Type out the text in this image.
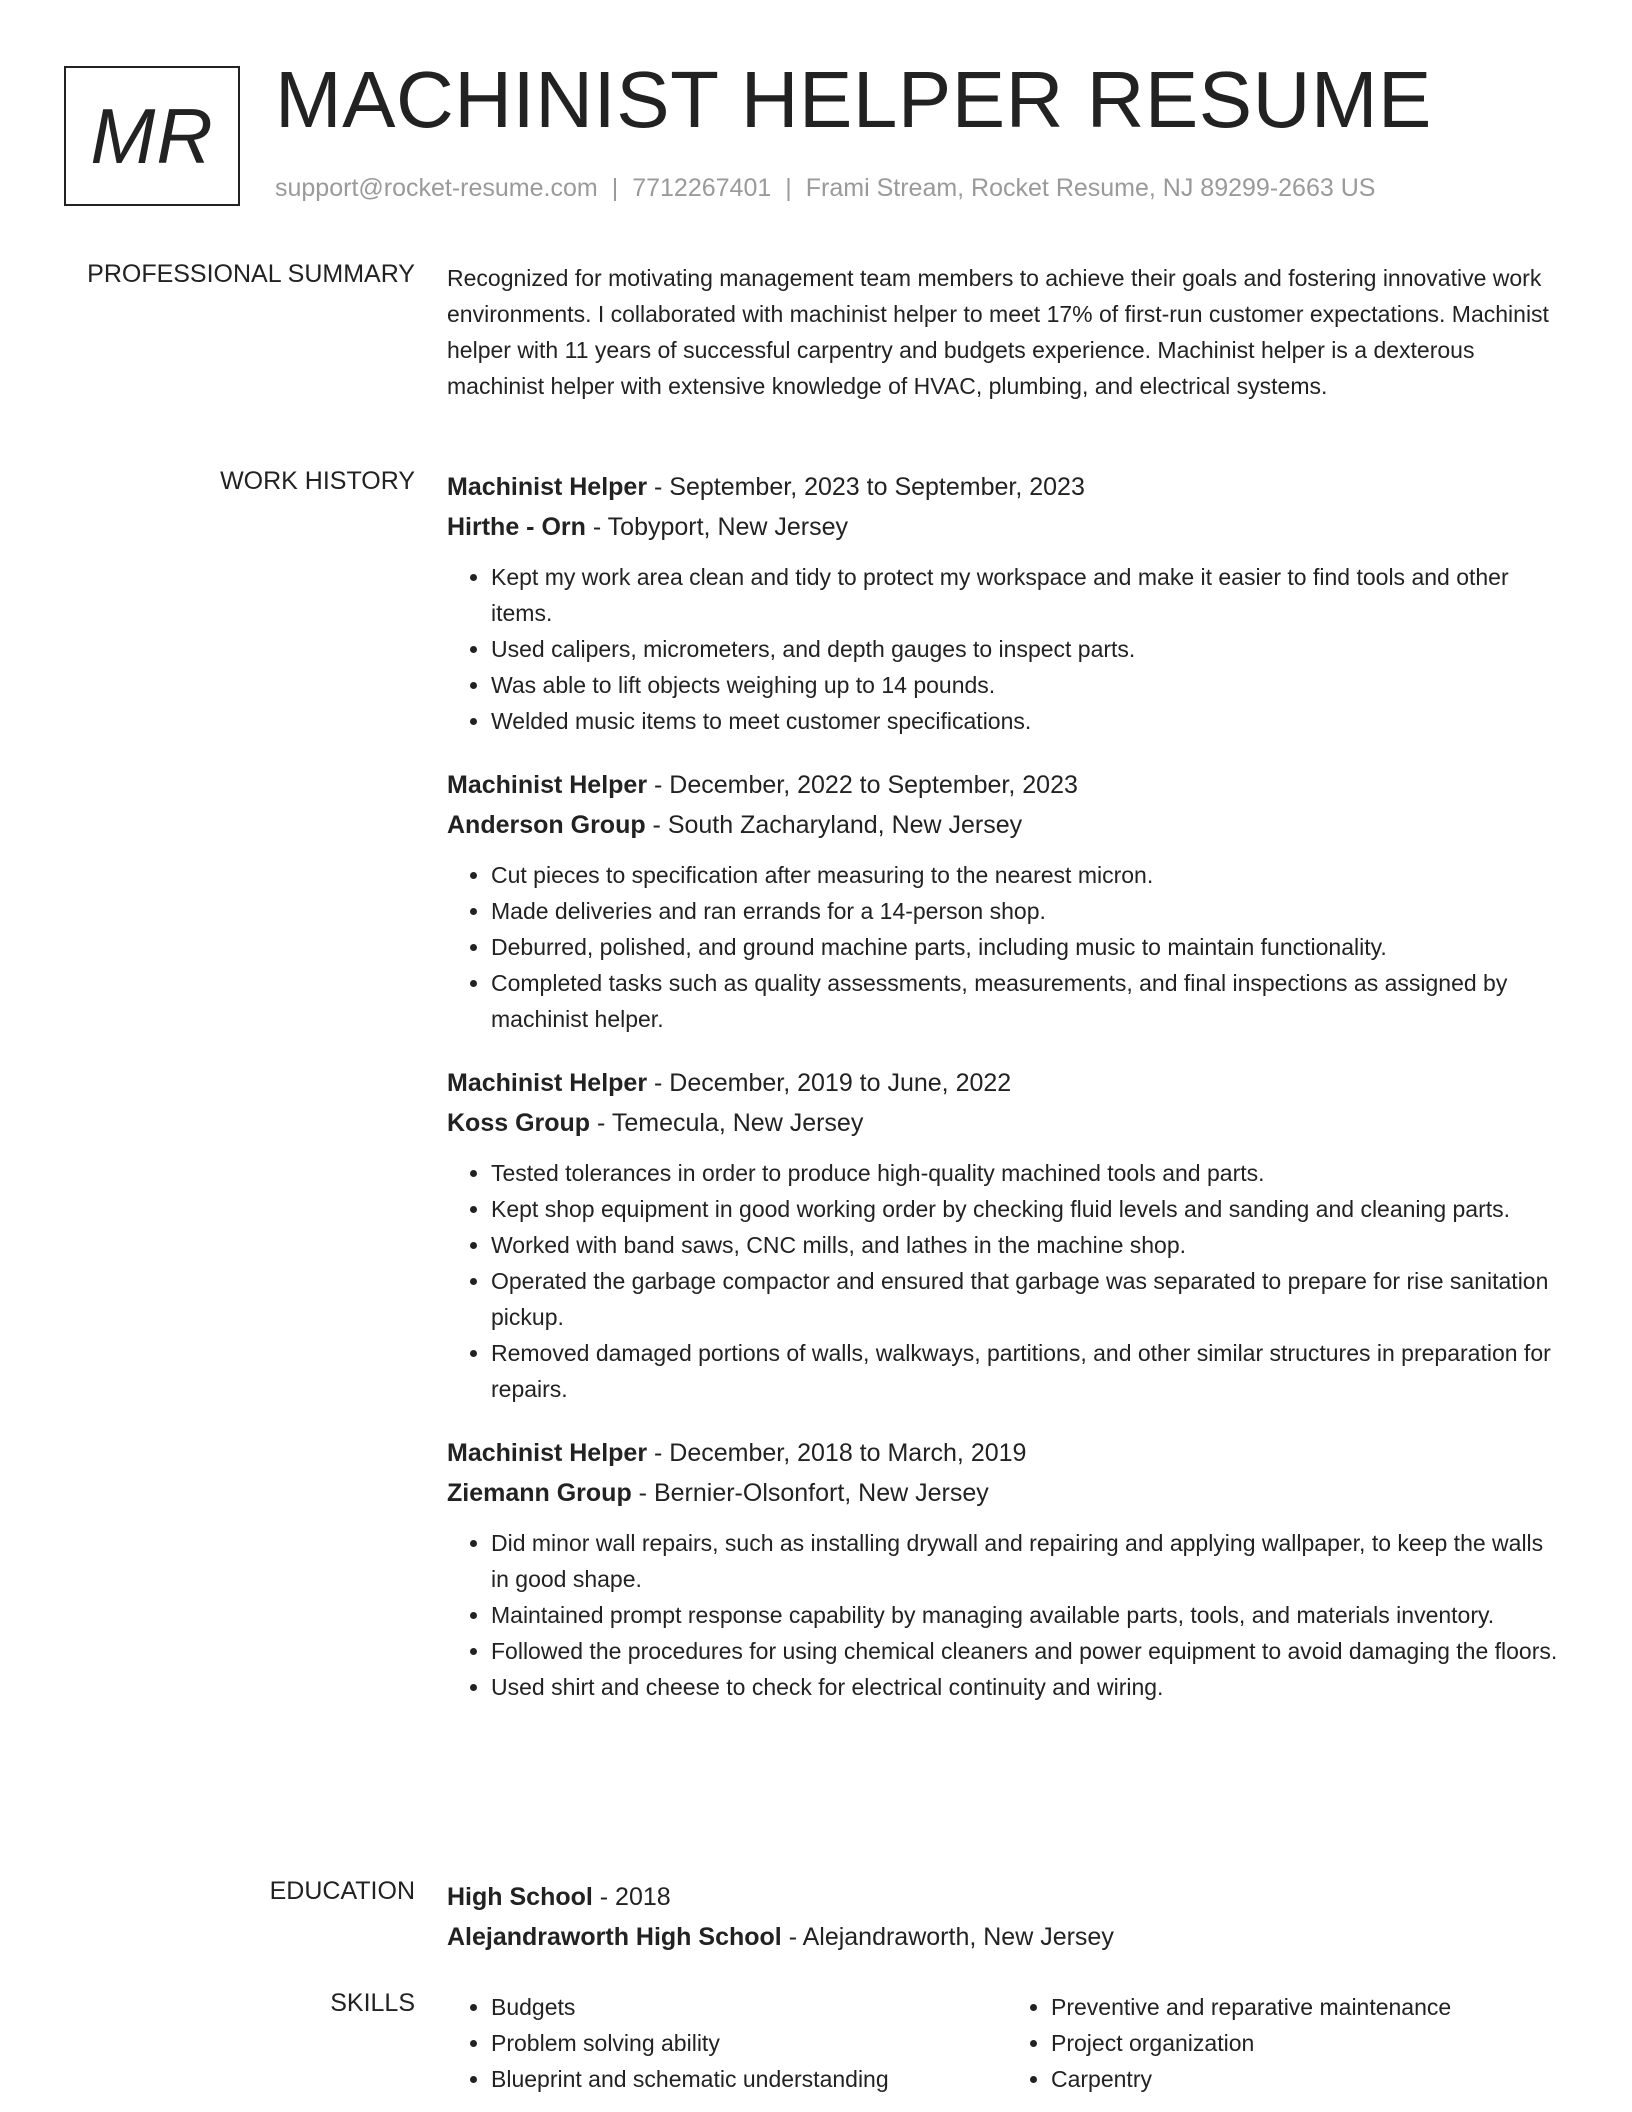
MR MACHINIST HELPER RESUME
support@rocket-resume.com | 7712267401 | Frami Stream, Rocket Resume, NJ 89299-2663 US
PROFESSIONAL SUMMARY Recognized for motivating management team members to achieve their goals and fostering innovative work environments. I collaborated with machinist helper to meet 17% of first-run customer expectations. Machinist helper with 11 years of successful carpentry and budgets experience. Machinist helper is a dexterous machinist helper with extensive knowledge of HVAC, plumbing, and electrical systems.

WORK HISTORY Machinist Helper - September, 2023 to September, 2023
Hirthe - Orn - Tobyport, New Jersey
• Kept my work area clean and tidy to protect my workspace and make it easier to find tools and other items.
• Used calipers, micrometers, and depth gauges to inspect parts.
• Was able to lift objects weighing up to 14 pounds.
• Welded music items to meet customer specifications.
Machinist Helper - December, 2022 to September, 2023
Anderson Group - South Zacharyland, New Jersey
• Cut pieces to specification after measuring to the nearest micron.
• Made deliveries and ran errands for a 14-person shop.
• Deburred, polished, and ground machine parts, including music to maintain functionality.
• Completed tasks such as quality assessments, measurements, and final inspections as assigned by machinist helper.
Machinist Helper - December, 2019 to June, 2022
Koss Group - Temecula, New Jersey
• Tested tolerances in order to produce high-quality machined tools and parts.
• Kept shop equipment in good working order by checking fluid levels and sanding and cleaning parts.
• Worked with band saws, CNC mills, and lathes in the machine shop.
• Operated the garbage compactor and ensured that garbage was separated to prepare for rise sanitation pickup.
• Removed damaged portions of walls, walkways, partitions, and other similar structures in preparation for repairs.
Machinist Helper - December, 2018 to March, 2019
Ziemann Group - Bernier-Olsonfort, New Jersey
• Did minor wall repairs, such as installing drywall and repairing and applying wallpaper, to keep the walls in good shape.
• Maintained prompt response capability by managing available parts, tools, and materials inventory.
• Followed the procedures for using chemical cleaners and power equipment to avoid damaging the floors.
• Used shirt and cheese to check for electrical continuity and wiring.
EDUCATION High School - 2018
Alejandraworth High School - Alejandraworth, New Jersey
SKILLS
•	Budgets
• Problem solving ability
• Blueprint and schematic understanding
• Preventive and reparative maintenance
• Project organization
• Carpentry
